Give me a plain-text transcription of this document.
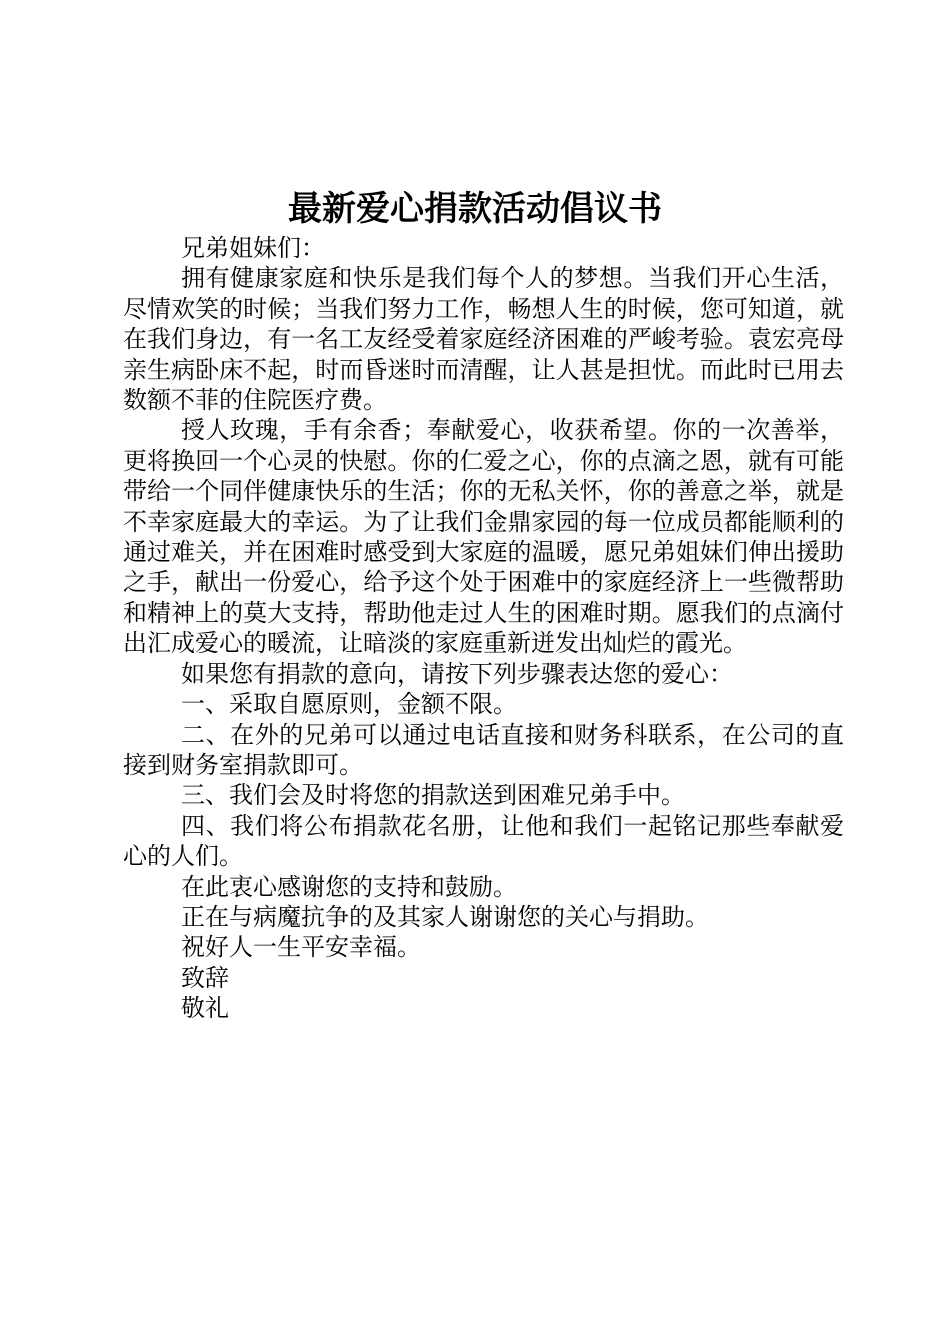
最新爱心捐款活动倡议书

兄弟姐妹们：

拥有健康家庭和快乐是我们每个人的梦想。当我们开心生活，尽情欢笑的时候；当我们努力工作，畅想人生的时候，您可知道，就在我们身边，有一名工友经受着家庭经济困难的严峻考验。袁宏亮母亲生病卧床不起，时而昏迷时而清醒，让人甚是担忧。而此时已用去数额不菲的住院医疗费。

授人玫瑰，手有余香；奉献爱心，收获希望。你的一次善举，更将换回一个心灵的快慰。你的仁爱之心，你的点滴之恩，就有可能带给一个同伴健康快乐的生活；你的无私关怀，你的善意之举，就是不幸家庭最大的幸运。为了让我们金鼎家园的每一位成员都能顺利的通过难关，并在困难时感受到大家庭的温暖，愿兄弟姐妹们伸出援助之手，献出一份爱心，给予这个处于困难中的家庭经济上一些微帮助和精神上的莫大支持，帮助他走过人生的困难时期。愿我们的点滴付出汇成爱心的暖流，让暗淡的家庭重新迸发出灿烂的霞光。

如果您有捐款的意向，请按下列步骤表达您的爱心：

一、采取自愿原则，金额不限。

二、在外的兄弟可以通过电话直接和财务科联系，在公司的直接到财务室捐款即可。

三、我们会及时将您的捐款送到困难兄弟手中。

四、我们将公布捐款花名册，让他和我们一起铭记那些奉献爱心的人们。

在此衷心感谢您的支持和鼓励。

正在与病魔抗争的及其家人谢谢您的关心与捐助。

祝好人一生平安幸福。

致辞

敬礼
